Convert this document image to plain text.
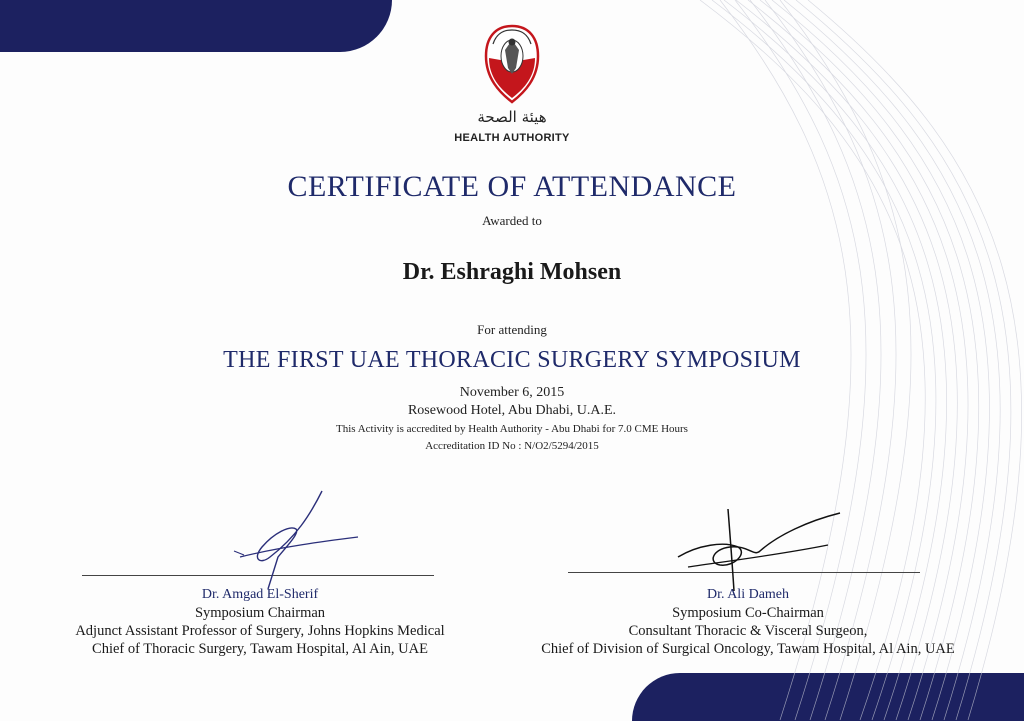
هيئة الصحة
HEALTH AUTHORITY
CERTIFICATE OF ATTENDANCE
Awarded to
Dr. Eshraghi Mohsen
For attending
THE FIRST UAE THORACIC SURGERY SYMPOSIUM
November 6, 2015
Rosewood Hotel, Abu Dhabi, U.A.E.
This Activity is accredited by Health Authority - Abu Dhabi for 7.0 CME Hours
Accreditation ID No : N/O2/5294/2015
Dr. Amgad El-Sherif
Symposium Chairman
Adjunct Assistant Professor of Surgery, Johns Hopkins Medical
Chief of Thoracic Surgery, Tawam Hospital, Al Ain, UAE
Dr. Ali Dameh
Symposium Co-Chairman
Consultant Thoracic & Visceral Surgeon,
Chief of Division of Surgical Oncology, Tawam Hospital, Al Ain, UAE
